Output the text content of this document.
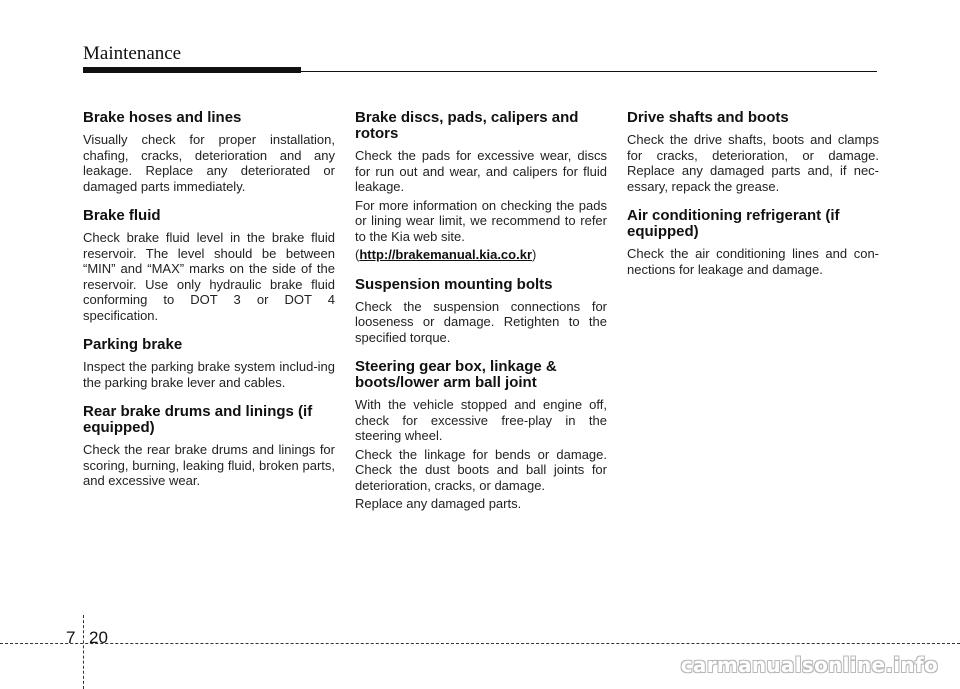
Maintenance
Brake hoses and lines

Visually check for proper installation, chafing, cracks, deterioration and any leakage. Replace any deteriorated or damaged parts immediately.

Brake fluid

Check brake fluid level in the brake fluid reservoir. The level should be between “MIN” and “MAX” marks on the side of the reservoir. Use only hydraulic brake fluid conforming to DOT 3 or DOT 4 specification.

Parking brake

Inspect the parking brake system includ-ing the parking brake lever and cables.

Rear brake drums and linings (if equipped)

Check the rear brake drums and linings for scoring, burning, leaking fluid, broken parts, and excessive wear.

Brake discs, pads, calipers and rotors

Check the pads for excessive wear, discs for run out and wear, and calipers for fluid leakage.

For more information on checking the pads or lining wear limit, we recommend to refer to the Kia web site.

(http://brakemanual.kia.co.kr)

Suspension mounting bolts

Check the suspension connections for looseness or damage. Retighten to the specified torque.

Steering gear box, linkage & boots/lower arm ball joint

With the vehicle stopped and engine off, check for excessive free-play in the steering wheel.

Check the linkage for bends or damage. Check the dust boots and ball joints for deterioration, cracks, or damage.

Replace any damaged parts.

Drive shafts and boots

Check the drive shafts, boots and clamps for cracks, deterioration, or damage. Replace any damaged parts and, if nec-essary, repack the grease.

Air conditioning refrigerant (if equipped)

Check the air conditioning lines and con-nections for leakage and damage.

7 20
carmanualsonline.info
